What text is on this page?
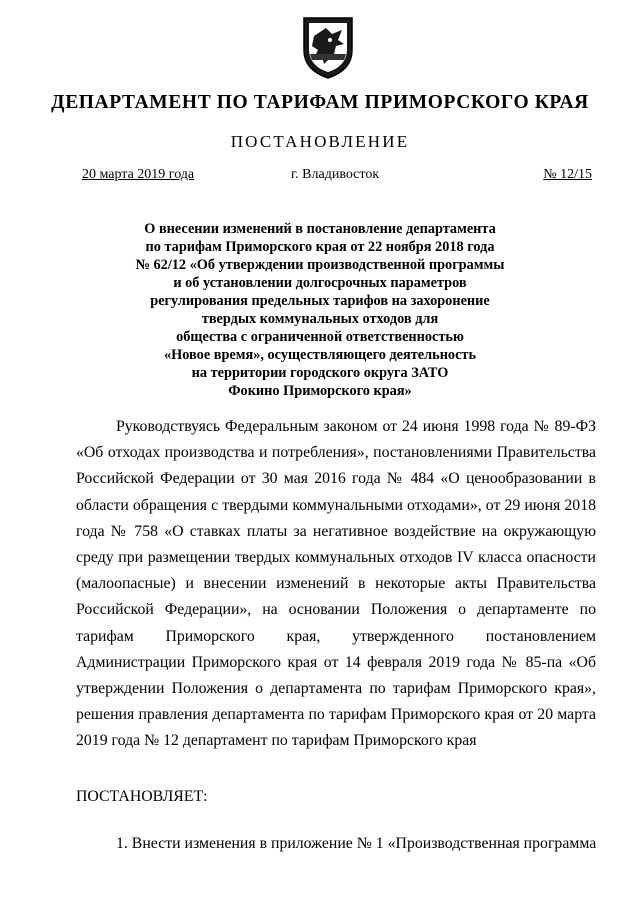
ДЕПАРТАМЕНТ ПО ТАРИФАМ ПРИМОРСКОГО КРАЯ
ПОСТАНОВЛЕНИЕ
20 марта 2019 года	г. Владивосток	№ 12/15
О внесении изменений в постановление департамента
по тарифам Приморского края от 22 ноября 2018 года
№ 62/12 «Об утверждении производственной программы
и об установлении долгосрочных параметров
регулирования предельных тарифов на захоронение
твердых коммунальных отходов для
общества с ограниченной ответственностью
«Новое время», осуществляющего деятельность
на территории городского округа ЗАТО
Фокино Приморского края»
Руководствуясь Федеральным законом от 24 июня 1998 года № 89-ФЗ «Об отходах производства и потребления», постановлениями Правительства Российской Федерации от 30 мая 2016 года № 484 «О ценообразовании в области обращения с твердыми коммунальными отходами», от 29 июня 2018 года № 758 «О ставках платы за негативное воздействие на окружающую среду при размещении твердых коммунальных отходов IV класса опасности (малоопасные) и внесении изменений в некоторые акты Правительства Российской Федерации», на основании Положения о департаменте по тарифам Приморского края, утвержденного постановлением Администрации Приморского края от 14 февраля 2019 года № 85-па «Об утверждении Положения о департамента по тарифам Приморского края», решения правления департамента по тарифам Приморского края от 20 марта 2019 года № 12 департамент по тарифам Приморского края
ПОСТАНОВЛЯЕТ:
1. Внести изменения в приложение № 1 «Производственная программа
